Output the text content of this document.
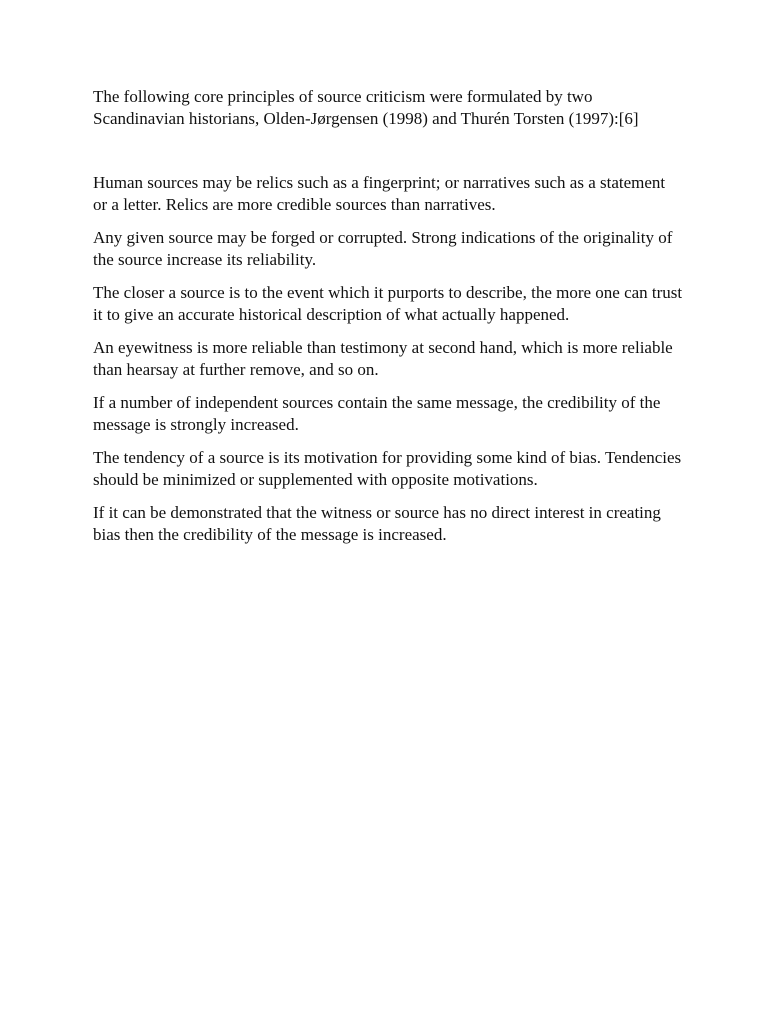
The following core principles of source criticism were formulated by two Scandinavian historians, Olden-Jørgensen (1998) and Thurén Torsten (1997):[6]

Human sources may be relics such as a fingerprint; or narratives such as a statement or a letter. Relics are more credible sources than narratives.

Any given source may be forged or corrupted. Strong indications of the originality of the source increase its reliability.

The closer a source is to the event which it purports to describe, the more one can trust it to give an accurate historical description of what actually happened.

An eyewitness is more reliable than testimony at second hand, which is more reliable than hearsay at further remove, and so on.

If a number of independent sources contain the same message, the credibility of the message is strongly increased.

The tendency of a source is its motivation for providing some kind of bias. Tendencies should be minimized or supplemented with opposite motivations.

If it can be demonstrated that the witness or source has no direct interest in creating bias then the credibility of the message is increased.
